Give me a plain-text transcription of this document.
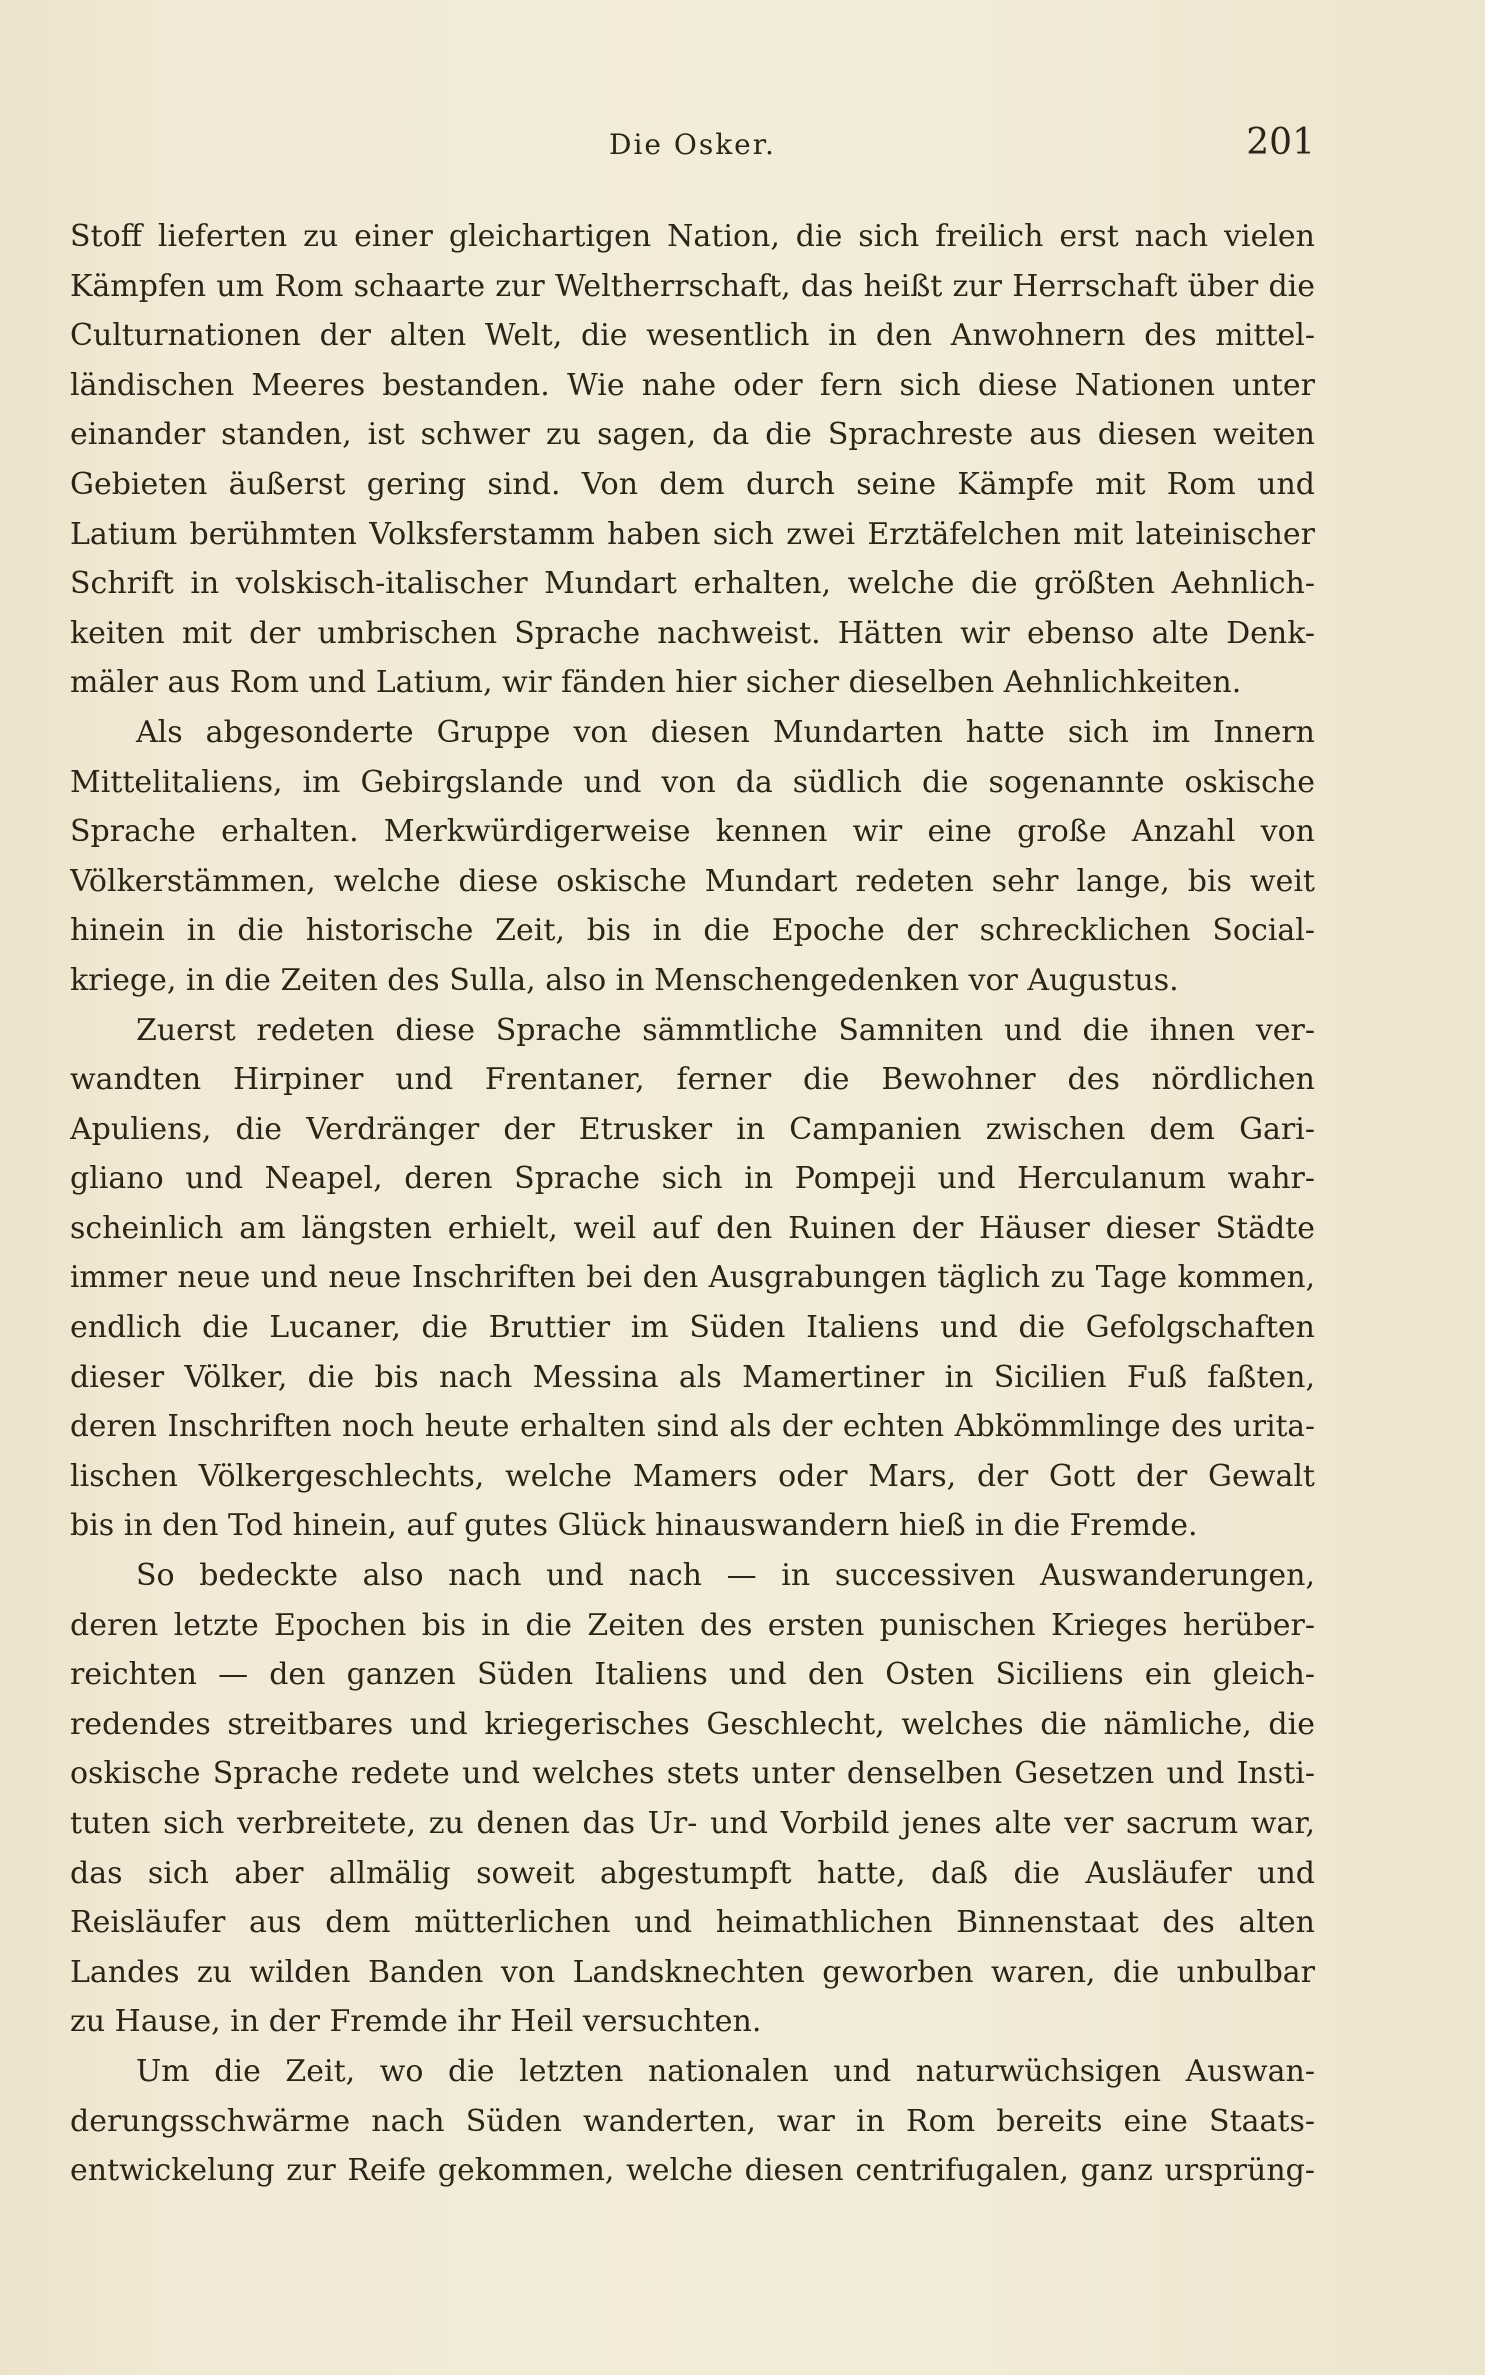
Die Osker.	201
Stoff lieferten zu einer gleichartigen Nation, die sich freilich erst nach vielen
Kämpfen um Rom schaarte zur Weltherrschaft, das heißt zur Herrschaft über die
Culturnationen der alten Welt, die wesentlich in den Anwohnern des mittel-
ländischen Meeres bestanden. Wie nahe oder fern sich diese Nationen unter
einander standen, ist schwer zu sagen, da die Sprachreste aus diesen weiten
Gebieten äußerst gering sind. Von dem durch seine Kämpfe mit Rom und
Latium berühmten Volksferstamm haben sich zwei Erztäfelchen mit lateinischer
Schrift in volskisch-italischer Mundart erhalten, welche die größten Aehnlich-
keiten mit der umbrischen Sprache nachweist. Hätten wir ebenso alte Denk-
mäler aus Rom und Latium, wir fänden hier sicher dieselben Aehnlichkeiten.
Als abgesonderte Gruppe von diesen Mundarten hatte sich im Innern
Mittelitaliens, im Gebirgslande und von da südlich die sogenannte oskische
Sprache erhalten. Merkwürdigerweise kennen wir eine große Anzahl von
Völkerstämmen, welche diese oskische Mundart redeten sehr lange, bis weit
hinein in die historische Zeit, bis in die Epoche der schrecklichen Social-
kriege, in die Zeiten des Sulla, also in Menschengedenken vor Augustus.
Zuerst redeten diese Sprache sämmtliche Samniten und die ihnen ver-
wandten Hirpiner und Frentaner, ferner die Bewohner des nördlichen
Apuliens, die Verdränger der Etrusker in Campanien zwischen dem Gari-
gliano und Neapel, deren Sprache sich in Pompeji und Herculanum wahr-
scheinlich am längsten erhielt, weil auf den Ruinen der Häuser dieser Städte
immer neue und neue Inschriften bei den Ausgrabungen täglich zu Tage kommen,
endlich die Lucaner, die Bruttier im Süden Italiens und die Gefolgschaften
dieser Völker, die bis nach Messina als Mamertiner in Sicilien Fuß faßten,
deren Inschriften noch heute erhalten sind als der echten Abkömmlinge des urita-
lischen Völkergeschlechts, welche Mamers oder Mars, der Gott der Gewalt
bis in den Tod hinein, auf gutes Glück hinauswandern hieß in die Fremde.
So bedeckte also nach und nach — in successiven Auswanderungen,
deren letzte Epochen bis in die Zeiten des ersten punischen Krieges herüber-
reichten — den ganzen Süden Italiens und den Osten Siciliens ein gleich-
redendes streitbares und kriegerisches Geschlecht, welches die nämliche, die
oskische Sprache redete und welches stets unter denselben Gesetzen und Insti-
tuten sich verbreitete, zu denen das Ur- und Vorbild jenes alte ver sacrum war,
das sich aber allmälig soweit abgestumpft hatte, daß die Ausläufer und
Reisläufer aus dem mütterlichen und heimathlichen Binnenstaat des alten
Landes zu wilden Banden von Landsknechten geworben waren, die unbulbar
zu Hause, in der Fremde ihr Heil versuchten.
Um die Zeit, wo die letzten nationalen und naturwüchsigen Auswan-
derungsschwärme nach Süden wanderten, war in Rom bereits eine Staats-
entwickelung zur Reife gekommen, welche diesen centrifugalen, ganz ursprüng-
